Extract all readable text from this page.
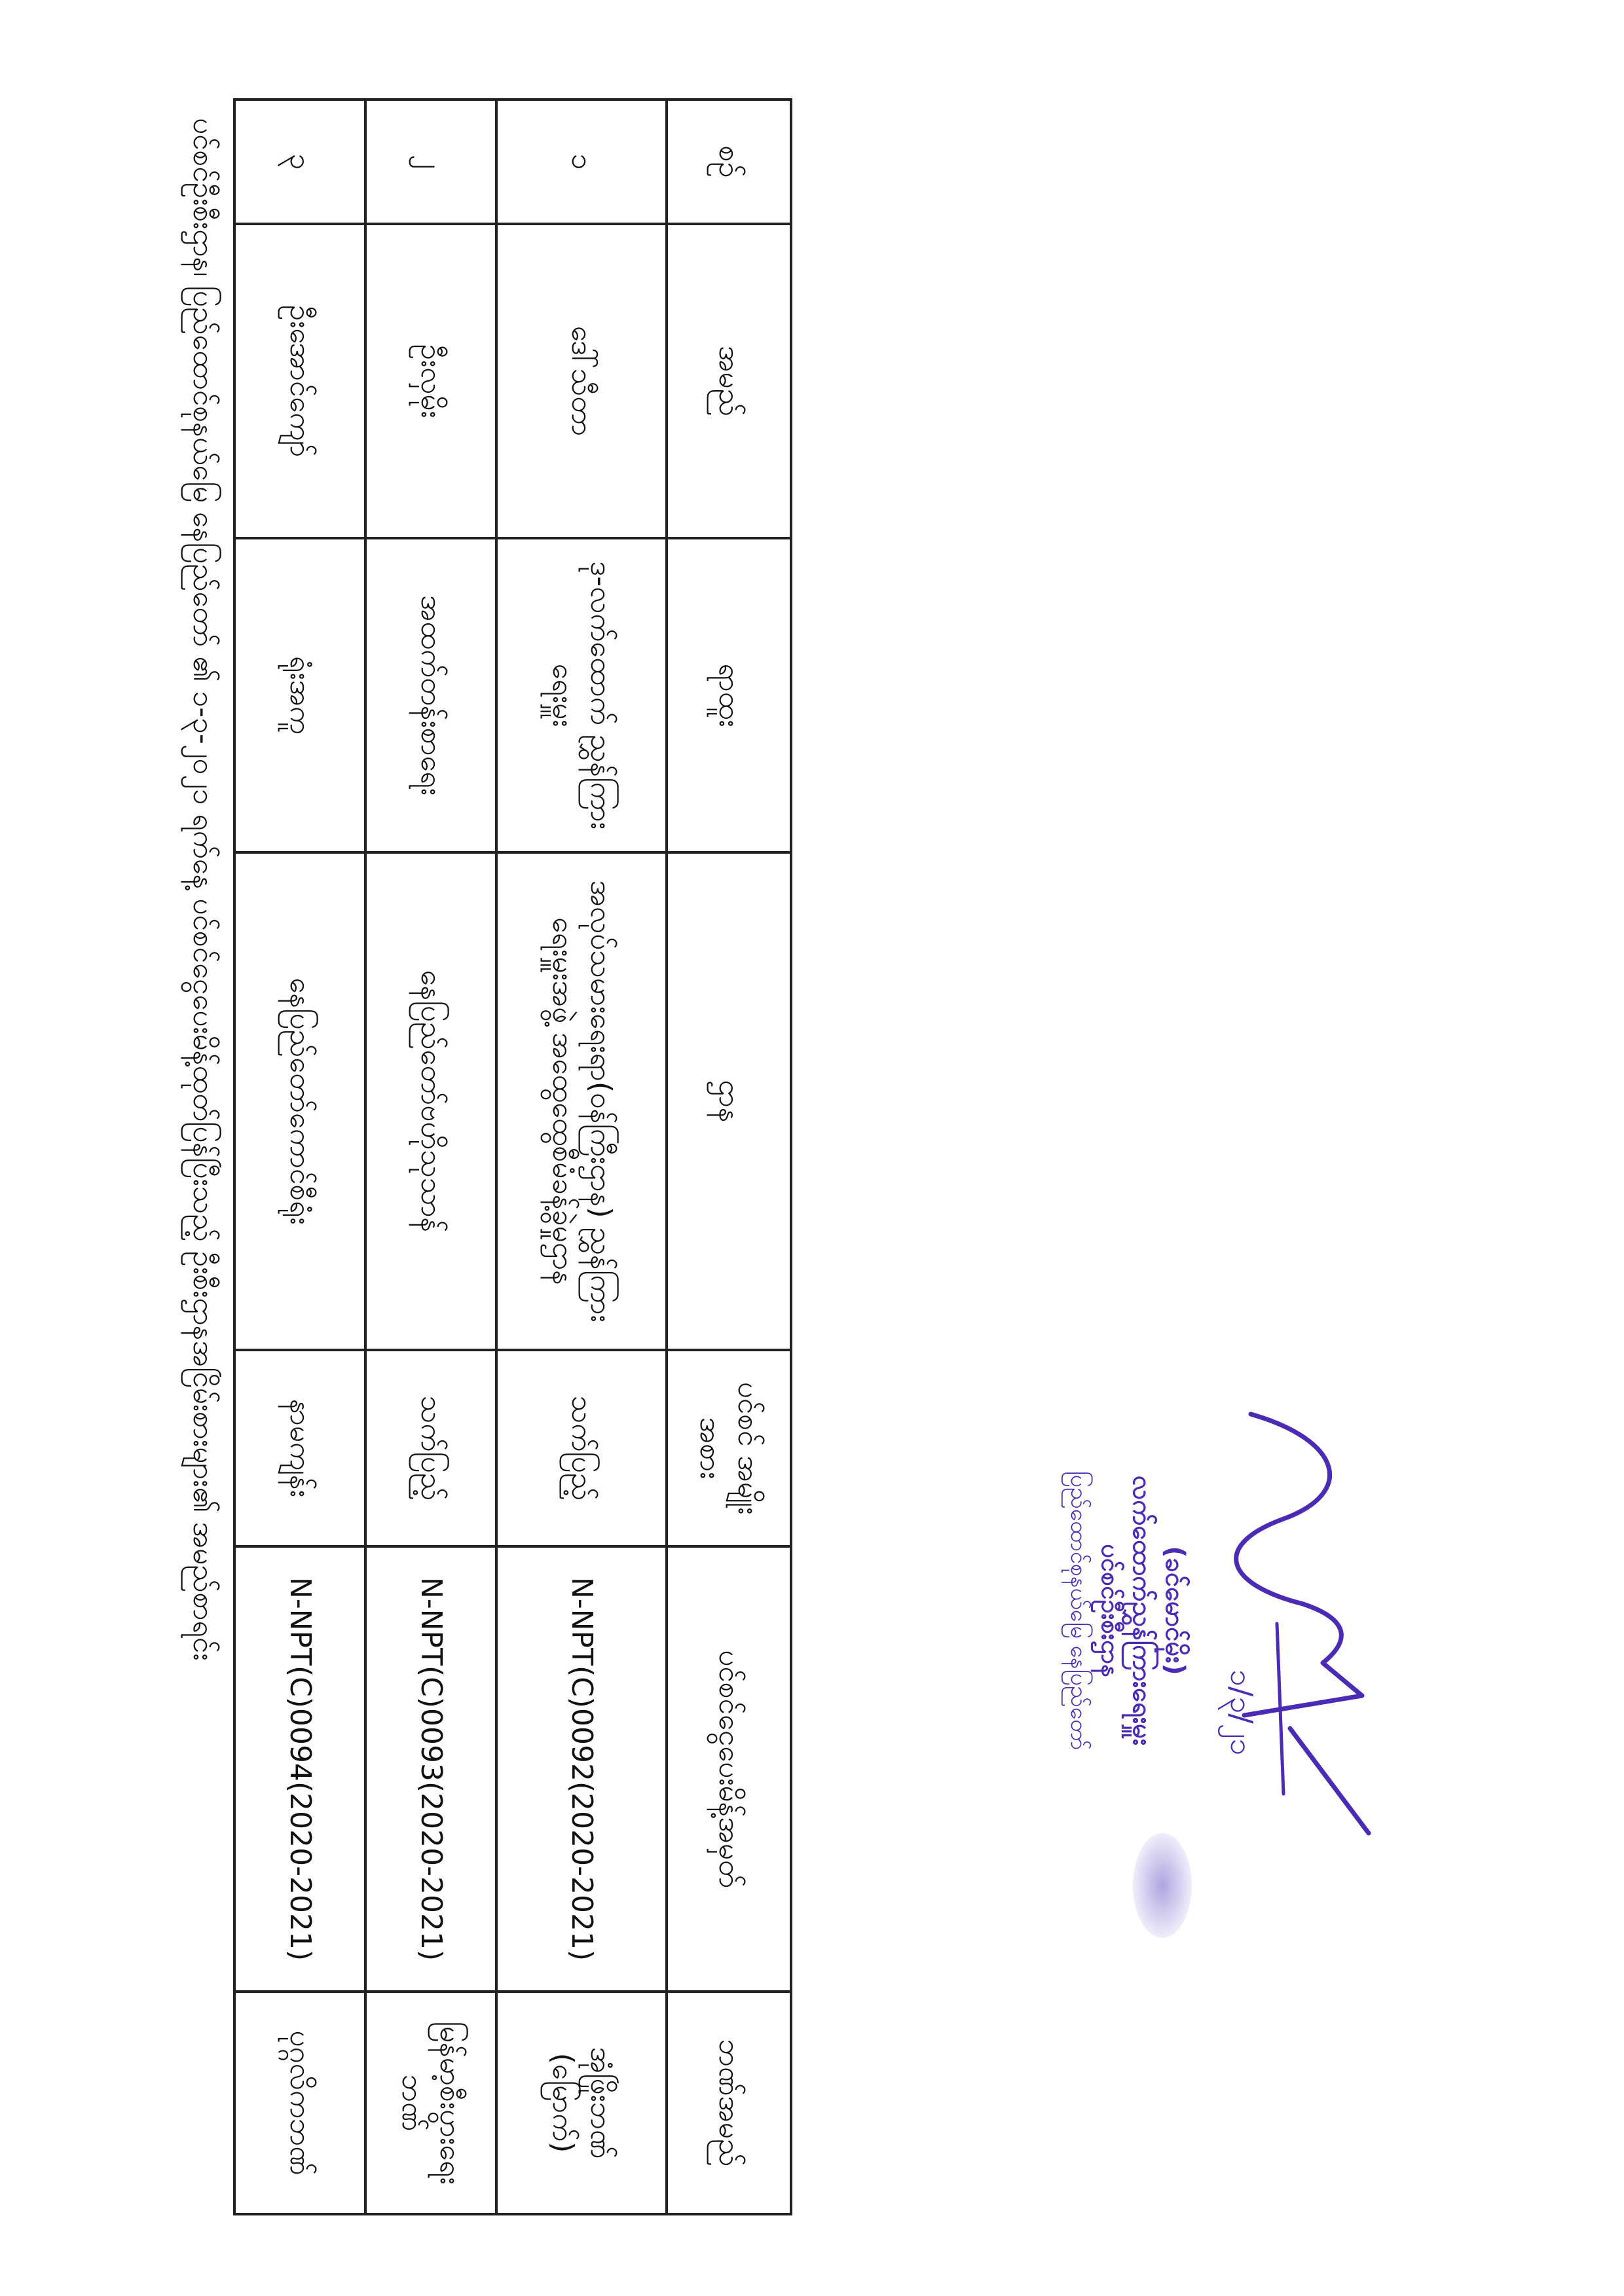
ပင်စင်ဦးစီးဌာန၊ ပြည်ထောင်စုနယ်မြေ နေပြည်တော် ၏ ၁-၃-၂၀၂၁ ရက်နေ့ ပင်စင်ငွေပေးမိန့်ထုတ်ပြန်ပြီးသည့် ဦးစီးဌာနအငြိမ်းစားများ၏ အမည်စာရင်း	စဉ်	အမည်	ရာထူး	ဌာန	ပင်စင် အမျိုးအစား	ပင်စင်ငွေပေးမိန့်အမှတ်	ဘဏ်အမည်
၁	ဒေါ်သီတာ	ဒု-လက်ထောက် ညွှန်ကြားရေးမှူး	အလုပ်သမားရေးရာ(ဝန်ကြီးဌာန) ညွှန်ကြားရေးမှူးအဖွဲ့ အထွေထွေစီမံခန့်ခွဲမှုဌာန	သက်ပြည့်	N-NPT(C)0092(2020-2021)	အုံဖြိုးဘဏ် (မြောက်)
၂	ဦးလှမိုး	အထက်တန်းစာရေး	နေပြည်တော်ဗဟိုသုသာန်	သက်ပြည့်	N-NPT(C)0093(2020-2021)	မြန်မာ့စီးပွားရေးဘဏ်
၃	ဦးအောင်ကျော်	ရုံးအကူ	နေပြည်တော်ကောင်စီရုံး	နာမကျန်း	N-NPT(C)0094(2020-2021)	ပုဂ္ဂလိကဘဏ်
၁/၃/၂၁
(ခင်မောင်မိုး)
လက်ထောက်ညွှန်ကြားရေးမှူး
ပင်စင်ဦးစီးဌာန
ပြည်ထောင်စုနယ်မြေ နေပြည်တော်
